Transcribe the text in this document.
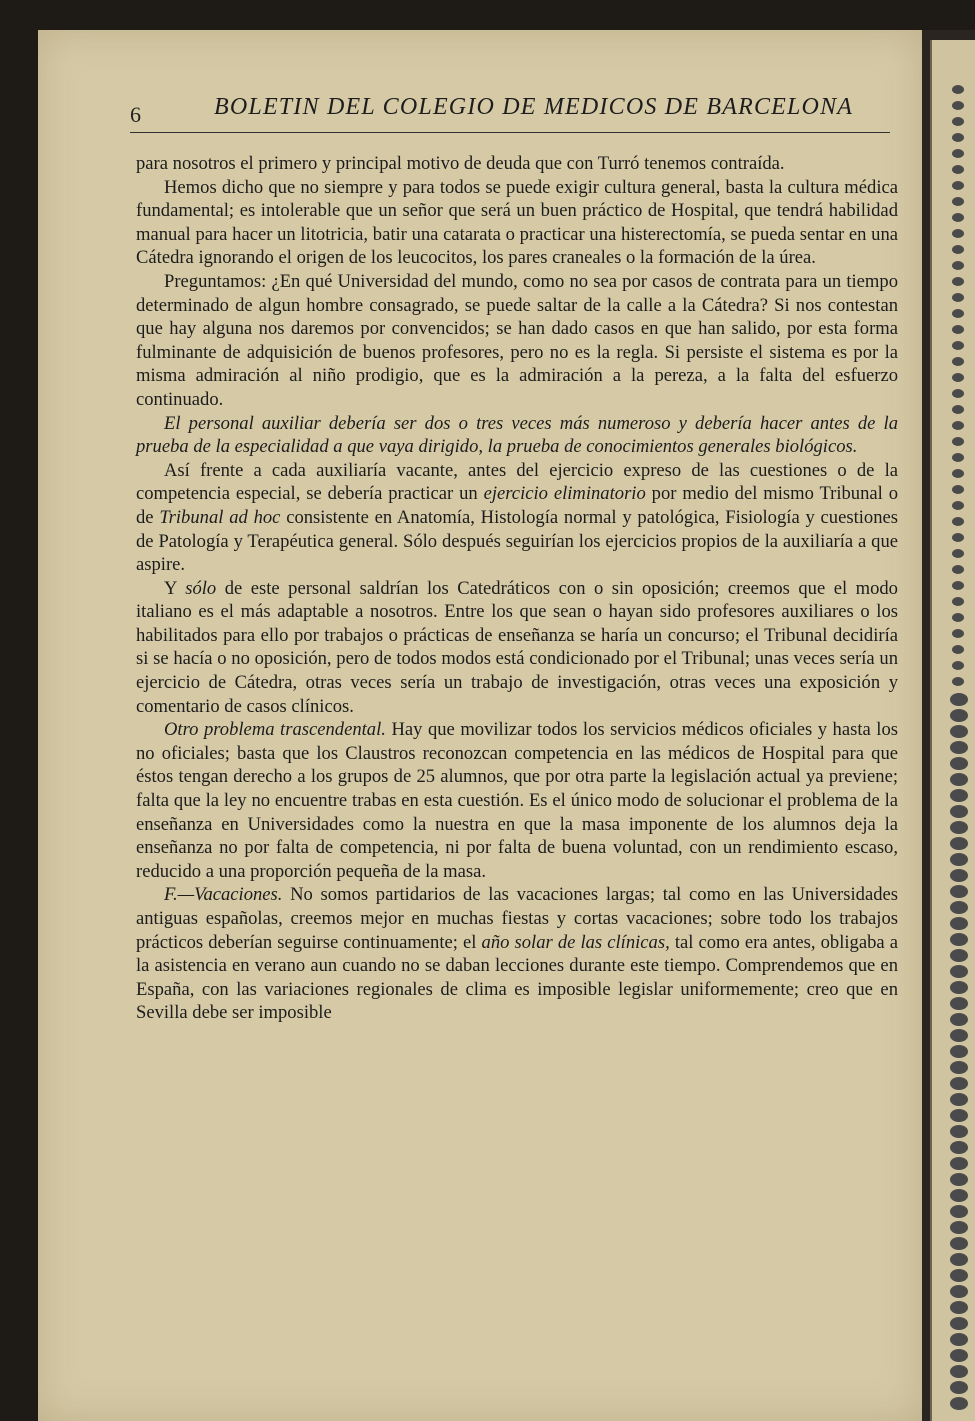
6	BOLETIN DEL COLEGIO DE MEDICOS DE BARCELONA

para nosotros el primero y principal motivo de deuda que con Turró tenemos contraída.

Hemos dicho que no siempre y para todos se puede exigir cultura general, basta la cultura médica fundamental; es intolerable que un señor que será un buen práctico de Hospital, que tendrá habilidad manual para hacer un litotricia, batir una catarata o practicar una histerectomía, se pueda sentar en una Cátedra ignorando el origen de los leucocitos, los pares craneales o la formación de la úrea.

Preguntamos: ¿En qué Universidad del mundo, como no sea por casos de contrata para un tiempo determinado de algun hombre consagrado, se puede saltar de la calle a la Cátedra? Si nos contestan que hay alguna nos daremos por convencidos; se han dado casos en que han salido, por esta forma fulminante de adquisición de buenos profesores, pero no es la regla. Si persiste el sistema es por la misma admiración al niño prodigio, que es la admiración a la pereza, a la falta del esfuerzo continuado.

El personal auxiliar debería ser dos o tres veces más numeroso y debería hacer antes de la prueba de la especialidad a que vaya dirigido, la prueba de conocimientos generales biológicos.

Así frente a cada auxiliaría vacante, antes del ejercicio expreso de las cuestiones o de la competencia especial, se debería practicar un ejercicio eliminatorio por medio del mismo Tribunal o de Tribunal ad hoc consistente en Anatomía, Histología normal y patológica, Fisiología y cuestiones de Patología y Terapéutica general. Sólo después seguirían los ejercicios propios de la auxiliaría a que aspire.

Y sólo de este personal saldrían los Catedráticos con o sin oposición; creemos que el modo italiano es el más adaptable a nosotros. Entre los que sean o hayan sido profesores auxiliares o los habilitados para ello por trabajos o prácticas de enseñanza se haría un concurso; el Tribunal decidiría si se hacía o no oposición, pero de todos modos está condicionado por el Tribunal; unas veces sería un ejercicio de Cátedra, otras veces sería un trabajo de investigación, otras veces una exposición y comentario de casos clínicos.

Otro problema trascendental. Hay que movilizar todos los servicios médicos oficiales y hasta los no oficiales; basta que los Claustros reconozcan competencia en las médicos de Hospital para que éstos tengan derecho a los grupos de 25 alumnos, que por otra parte la legislación actual ya previene; falta que la ley no encuentre trabas en esta cuestión. Es el único modo de solucionar el problema de la enseñanza en Universidades como la nuestra en que la masa imponente de los alumnos deja la enseñanza no por falta de competencia, ni por falta de buena voluntad, con un rendimiento escaso, reducido a una proporción pequeña de la masa.

F.—Vacaciones. No somos partidarios de las vacaciones largas; tal como en las Universidades antiguas españolas, creemos mejor en muchas fiestas y cortas vacaciones; sobre todo los trabajos prácticos deberían seguirse continuamente; el año solar de las clínicas, tal como era antes, obligaba a la asistencia en verano aun cuando no se daban lecciones durante este tiempo. Comprendemos que en España, con las variaciones regionales de clima es imposible legislar uniformemente; creo que en Sevilla debe ser imposible
